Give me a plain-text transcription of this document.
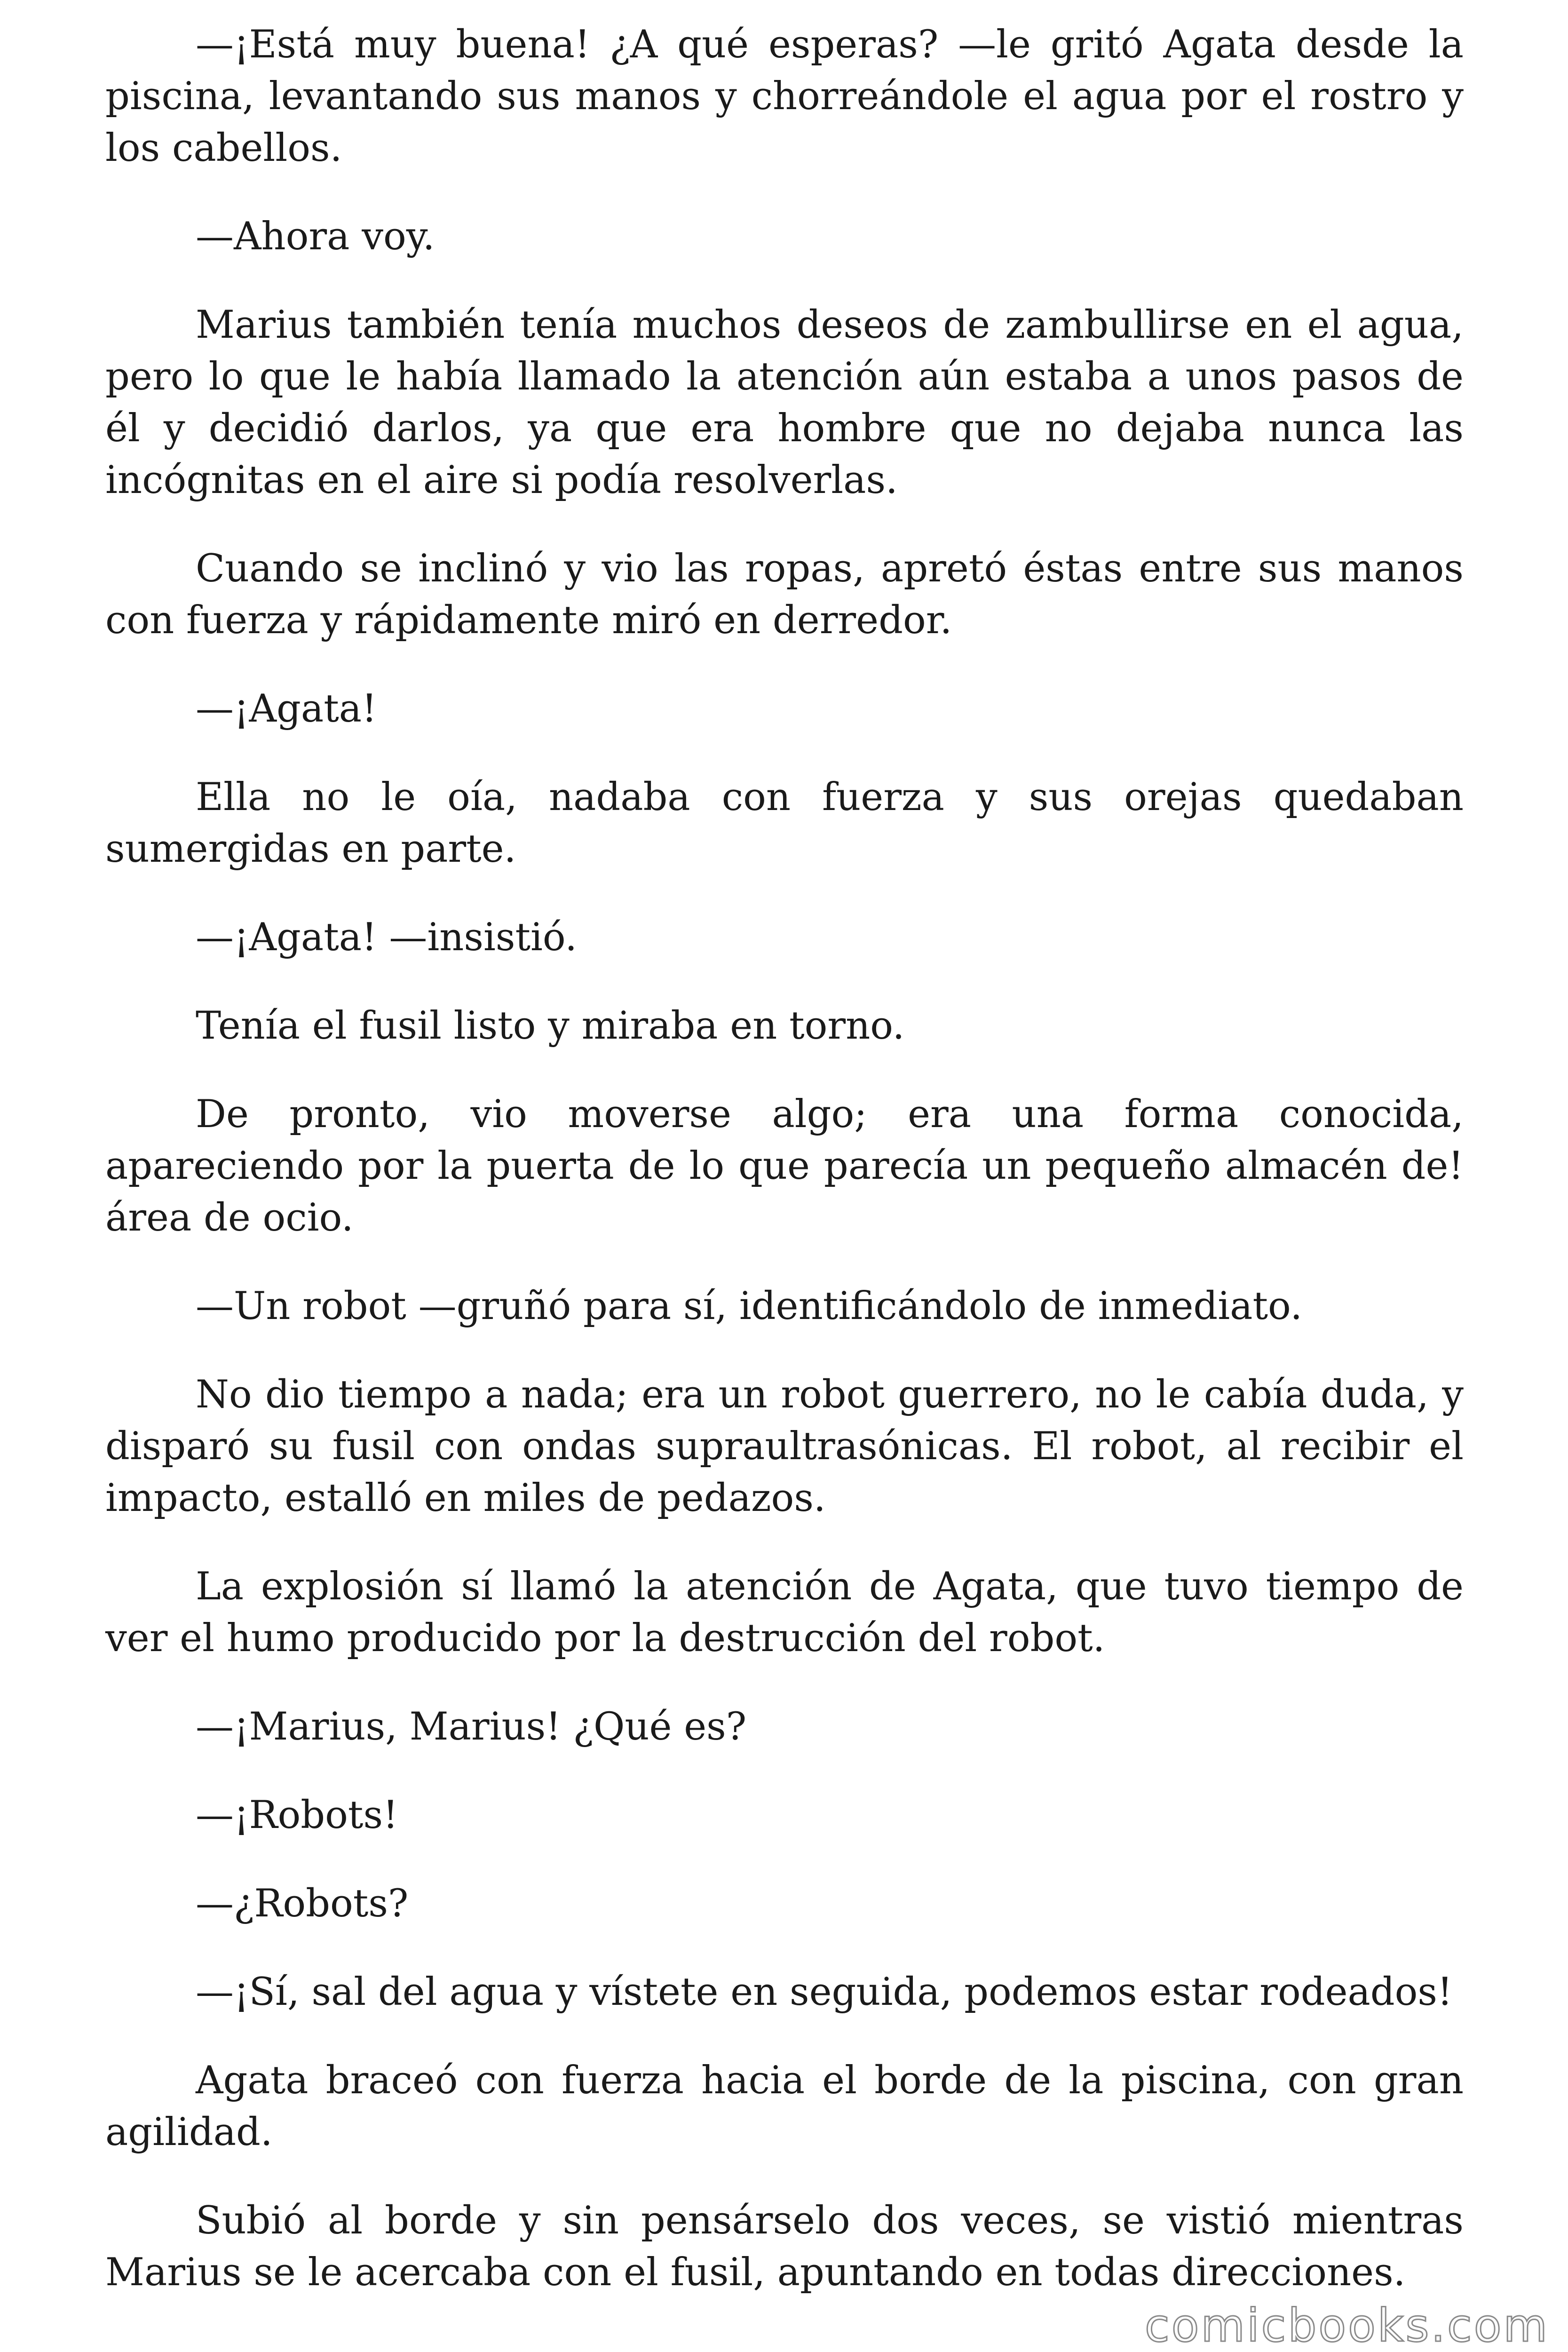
—¡Está muy buena! ¿A qué esperas? —le gritó Agata desde la piscina, levantando sus manos y chorreándole el agua por el rostro y los cabellos.

—Ahora voy.

Marius también tenía muchos deseos de zambullirse en el agua, pero lo que le había llamado la atención aún estaba a unos pasos de él y decidió darlos, ya que era hombre que no dejaba nunca las incógnitas en el aire si podía resolverlas.

Cuando se inclinó y vio las ropas, apretó éstas entre sus manos con fuerza y rápidamente miró en derredor.

—¡Agata!

Ella no le oía, nadaba con fuerza y sus orejas quedaban sumergidas en parte.

—¡Agata! —insistió.

Tenía el fusil listo y miraba en torno.

De pronto, vio moverse algo; era una forma conocida, apareciendo por la puerta de lo que parecía un pequeño almacén de! área de ocio.

—Un robot —gruñó para sí, identificándolo de inmediato.

No dio tiempo a nada; era un robot guerrero, no le cabía duda, y disparó su fusil con ondas supraultrasónicas. El robot, al recibir el impacto, estalló en miles de pedazos.

La explosión sí llamó la atención de Agata, que tuvo tiempo de ver el humo producido por la destrucción del robot.

—¡Marius, Marius! ¿Qué es?

—¡Robots!

—¿Robots?

—¡Sí, sal del agua y vístete en seguida, podemos estar rodeados!

Agata braceó con fuerza hacia el borde de la piscina, con gran agilidad.

Subió al borde y sin pensárselo dos veces, se vistió mientras Marius se le acercaba con el fusil, apuntando en todas direcciones.

comicbooks.com
